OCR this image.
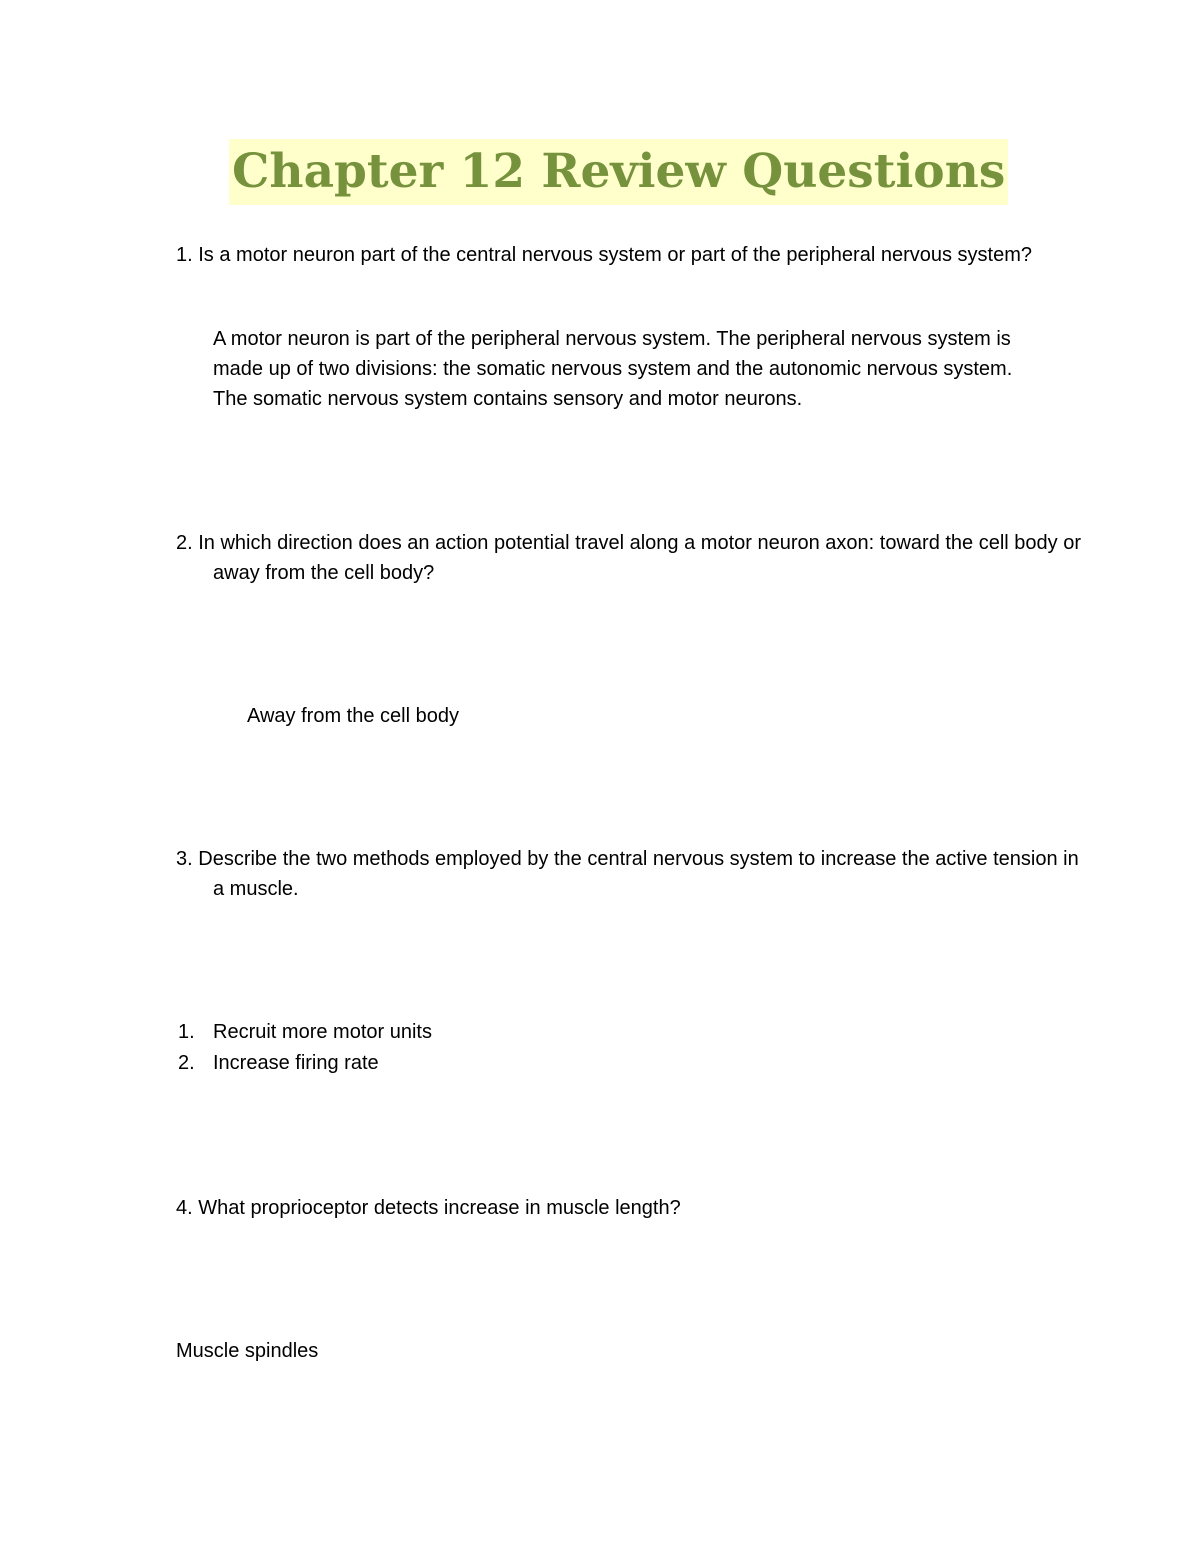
Chapter 12 Review Questions

1. Is a motor neuron part of the central nervous system or part of the peripheral nervous system?

A motor neuron is part of the peripheral nervous system. The peripheral nervous system is made up of two divisions: the somatic nervous system and the autonomic nervous system. The somatic nervous system contains sensory and motor neurons.

2. In which direction does an action potential travel along a motor neuron axon: toward the cell body or away from the cell body?

Away from the cell body

3. Describe the two methods employed by the central nervous system to increase the active tension in a muscle.

1. Recruit more motor units
2. Increase firing rate

4. What proprioceptor detects increase in muscle length?

Muscle spindles
